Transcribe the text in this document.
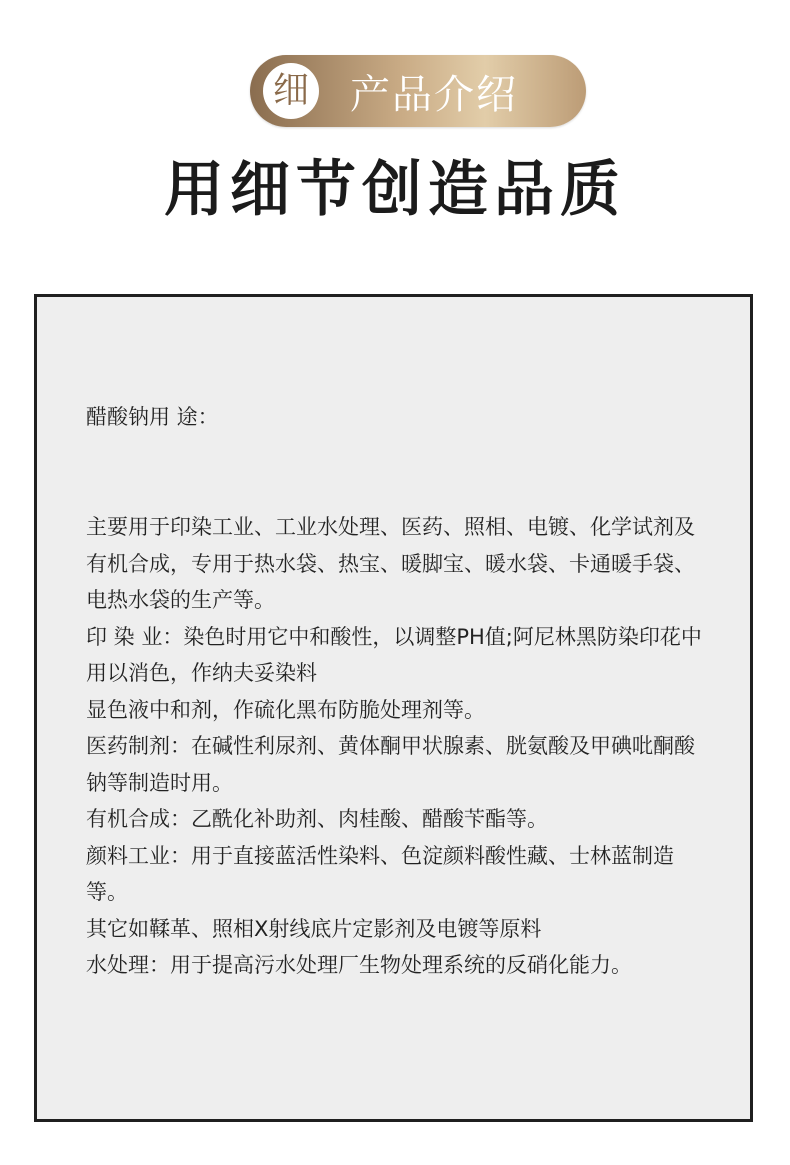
细 产品介绍
用细节创造品质
醋酸钠用 途：

主要用于印染工业、工业水处理、医药、照相、电镀、化学试剂及有机合成，专用于热水袋、热宝、暖脚宝、暖水袋、卡通暖手袋、电热水袋的生产等。

印 染 业：染色时用它中和酸性，以调整PH值;阿尼林黑防染印花中用以消色，作纳夫妥染料

显色液中和剂，作硫化黑布防脆处理剂等。

医药制剂：在碱性利尿剂、黄体酮甲状腺素、胱氨酸及甲碘吡酮酸钠等制造时用。

有机合成：乙酰化补助剂、肉桂酸、醋酸苄酯等。

颜料工业：用于直接蓝活性染料、色淀颜料酸性藏、士林蓝制造等。

其它如鞣革、照相X射线底片定影剂及电镀等原料

水处理：用于提高污水处理厂生物处理系统的反硝化能力。
